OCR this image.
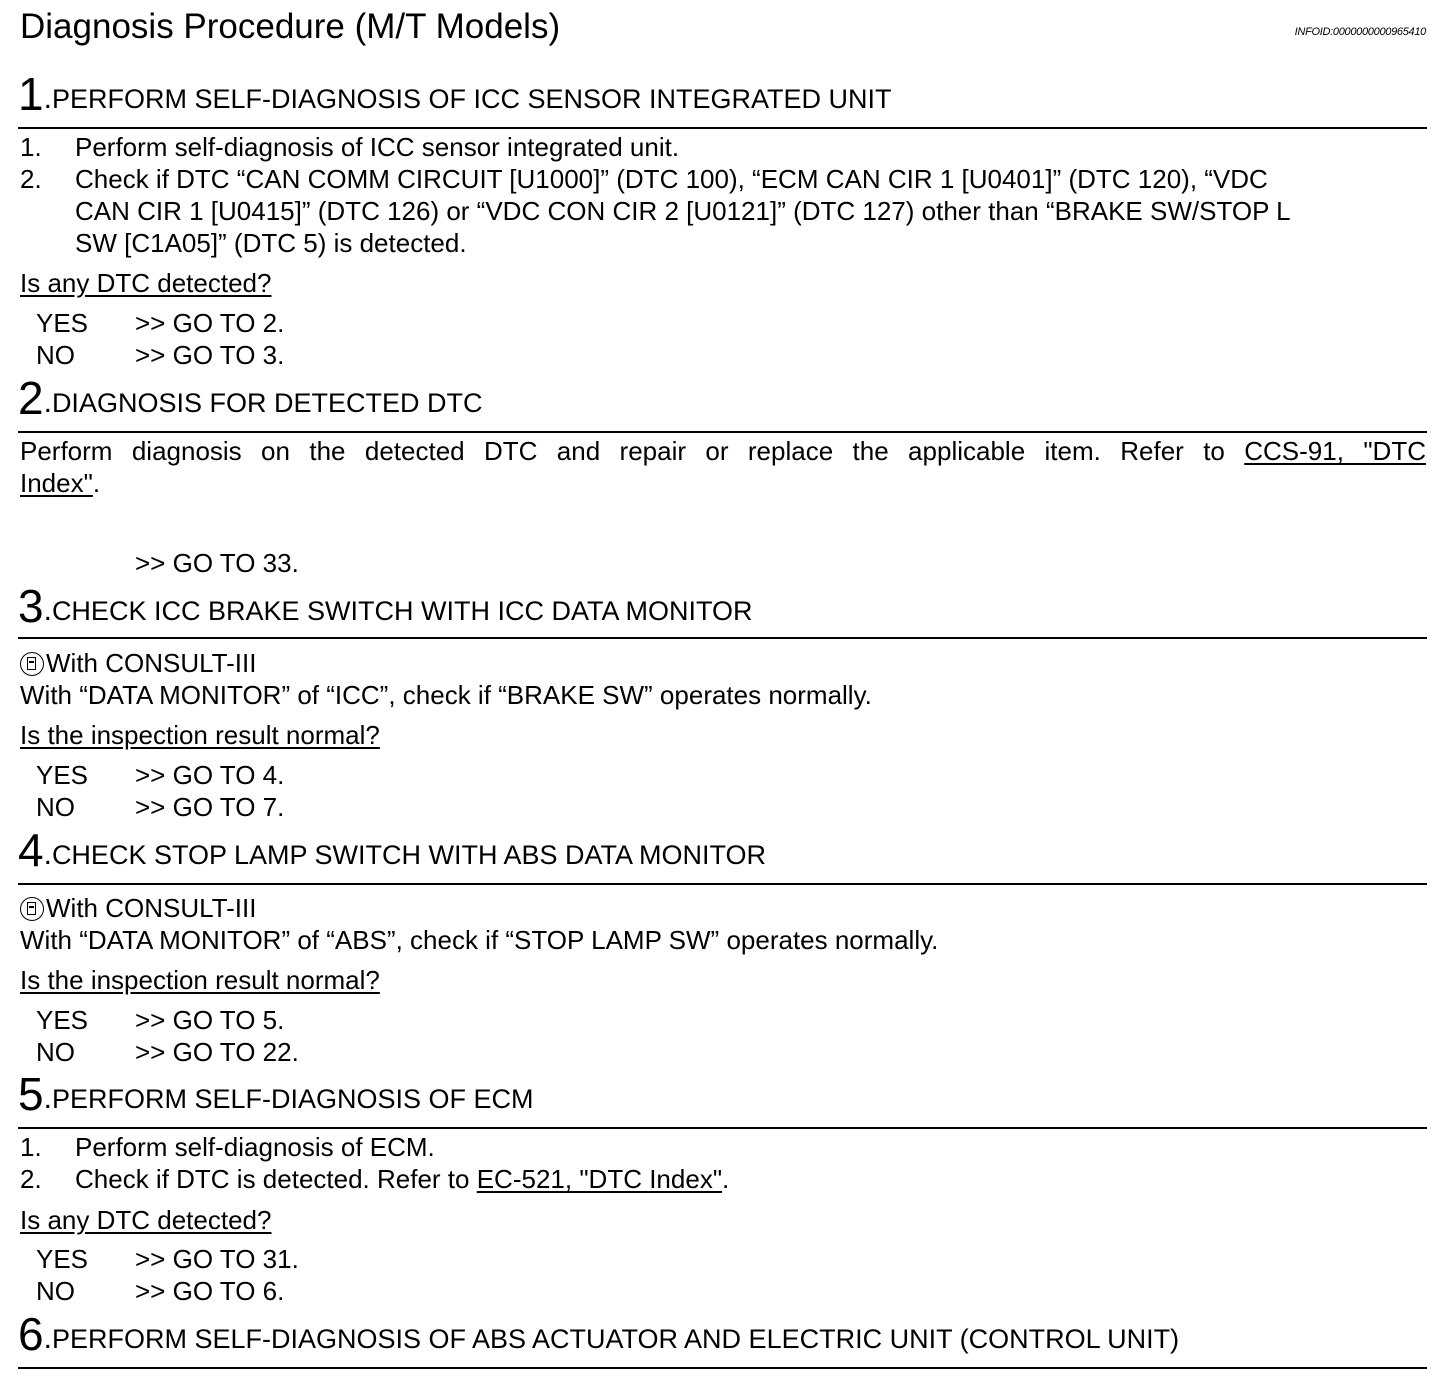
Diagnosis Procedure (M/T Models)	INFOID:0000000000965410
1.PERFORM SELF-DIAGNOSIS OF ICC SENSOR INTEGRATED UNIT
1. Perform self-diagnosis of ICC sensor integrated unit.
2. Check if DTC “CAN COMM CIRCUIT [U1000]” (DTC 100), “ECM CAN CIR 1 [U0401]” (DTC 120), “VDC
CAN CIR 1 [U0415]” (DTC 126) or “VDC CON CIR 2 [U0121]” (DTC 127) other than “BRAKE SW/STOP L
SW [C1A05]” (DTC 5) is detected.
Is any DTC detected?
YES >> GO TO 2.
NO >> GO TO 3.
2.DIAGNOSIS FOR DETECTED DTC
Perform diagnosis on the detected DTC and repair or replace the applicable item. Refer to CCS-91, "DTC
Index".
>> GO TO 33.
3.CHECK ICC BRAKE SWITCH WITH ICC DATA MONITOR
With CONSULT-III
With “DATA MONITOR” of “ICC”, check if “BRAKE SW” operates normally.
Is the inspection result normal?
YES >> GO TO 4.
NO >> GO TO 7.
4.CHECK STOP LAMP SWITCH WITH ABS DATA MONITOR
With CONSULT-III
With “DATA MONITOR” of “ABS”, check if “STOP LAMP SW” operates normally.
Is the inspection result normal?
YES >> GO TO 5.
NO >> GO TO 22.
5.PERFORM SELF-DIAGNOSIS OF ECM
1. Perform self-diagnosis of ECM.
2. Check if DTC is detected. Refer to EC-521, "DTC Index".
Is any DTC detected?
YES >> GO TO 31.
NO >> GO TO 6.
6.PERFORM SELF-DIAGNOSIS OF ABS ACTUATOR AND ELECTRIC UNIT (CONTROL UNIT)
